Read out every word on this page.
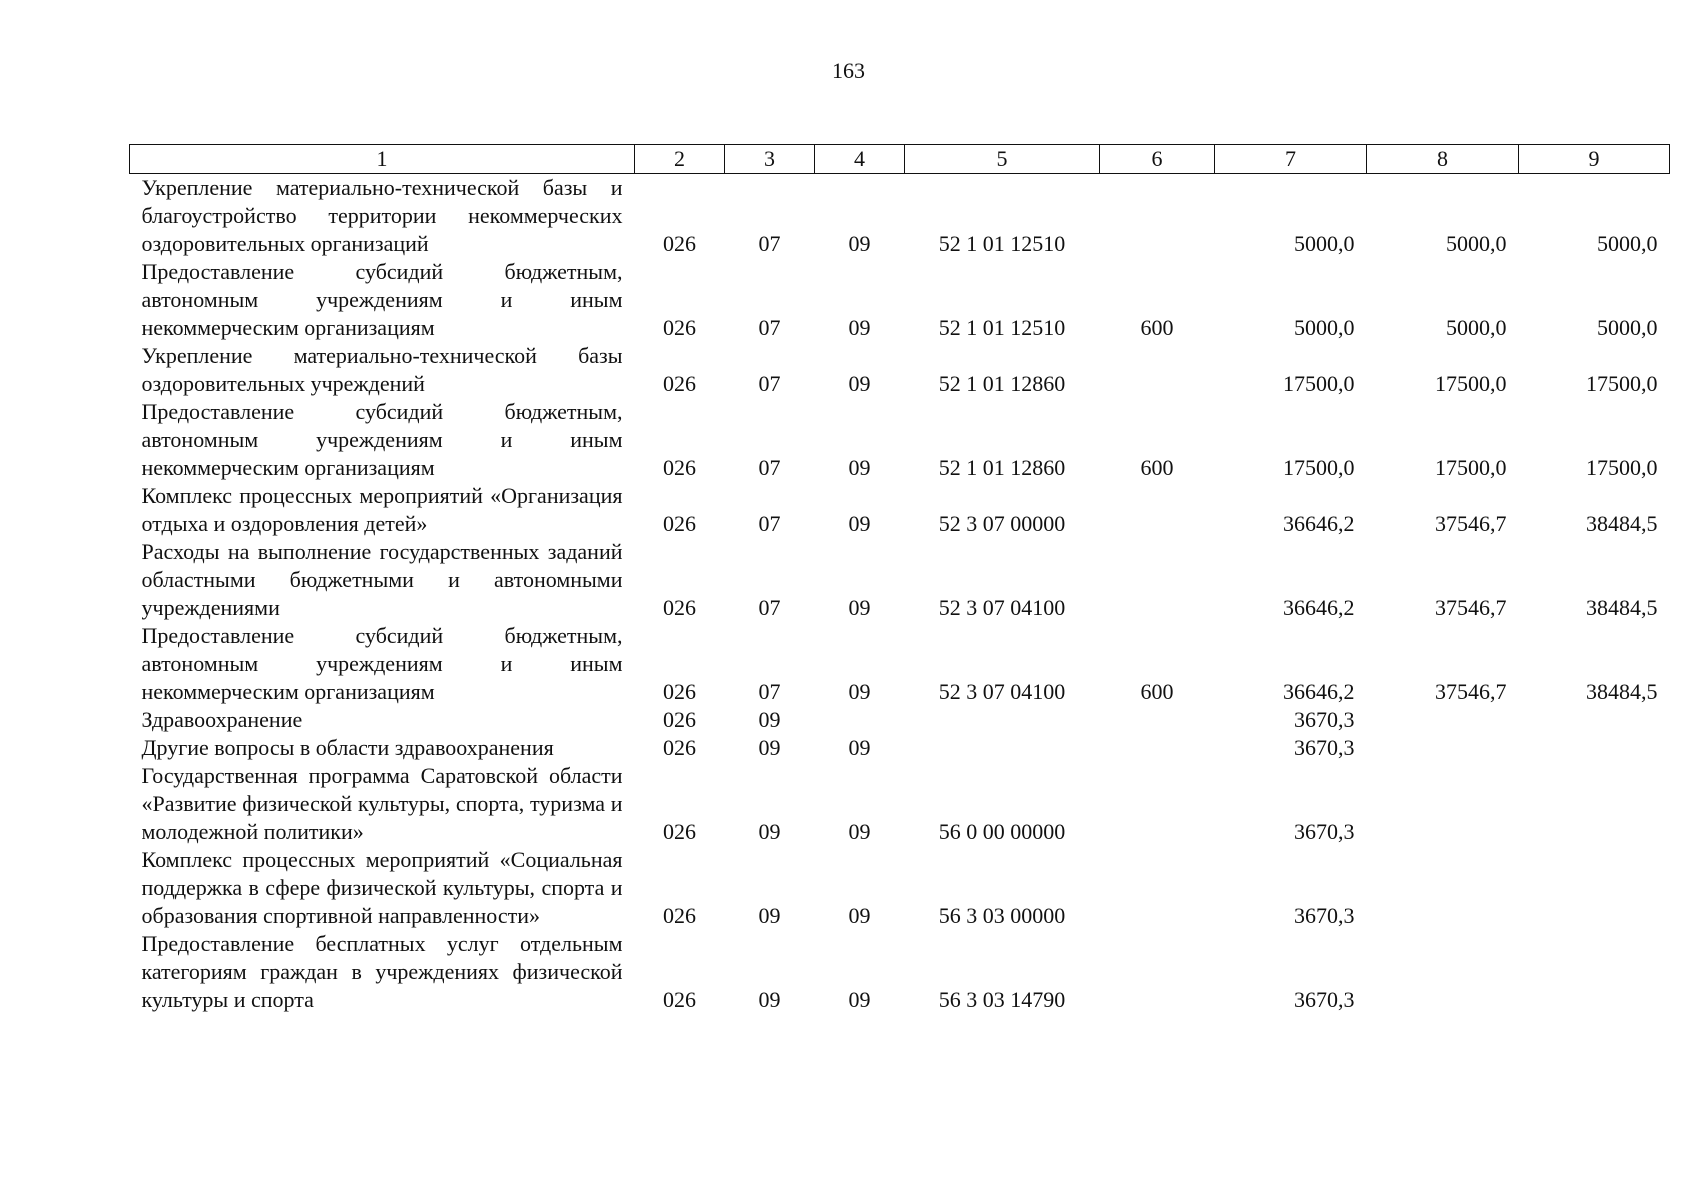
163
1	2	3	4	5	6	7	8	9
Укрепление материально-технической базы и благоустройство территории некоммерческих оздоровительных организаций	026	07	09	52 1 01 12510		5000,0	5000,0	5000,0
Предоставление субсидий бюджетным, автономным учреждениям и иным некоммерческим организациям	026	07	09	52 1 01 12510	600	5000,0	5000,0	5000,0
Укрепление материально-технической базы оздоровительных учреждений	026	07	09	52 1 01 12860		17500,0	17500,0	17500,0
Предоставление субсидий бюджетным, автономным учреждениям и иным некоммерческим организациям	026	07	09	52 1 01 12860	600	17500,0	17500,0	17500,0
Комплекс процессных мероприятий «Организация отдыха и оздоровления детей»	026	07	09	52 3 07 00000		36646,2	37546,7	38484,5
Расходы на выполнение государственных заданий областными бюджетными и автономными учреждениями	026	07	09	52 3 07 04100		36646,2	37546,7	38484,5
Предоставление субсидий бюджетным, автономным учреждениям и иным некоммерческим организациям	026	07	09	52 3 07 04100	600	36646,2	37546,7	38484,5
Здравоохранение	026	09				3670,3		
Другие вопросы в области здравоохранения	026	09	09			3670,3		
Государственная программа Саратовской области «Развитие физической культуры, спорта, туризма и молодежной политики»	026	09	09	56 0 00 00000		3670,3		
Комплекс процессных мероприятий «Социальная поддержка в сфере физической культуры, спорта и образования спортивной направленности»	026	09	09	56 3 03 00000		3670,3		
Предоставление бесплатных услуг отдельным категориям граждан в учреждениях физической культуры и спорта	026	09	09	56 3 03 14790		3670,3		
